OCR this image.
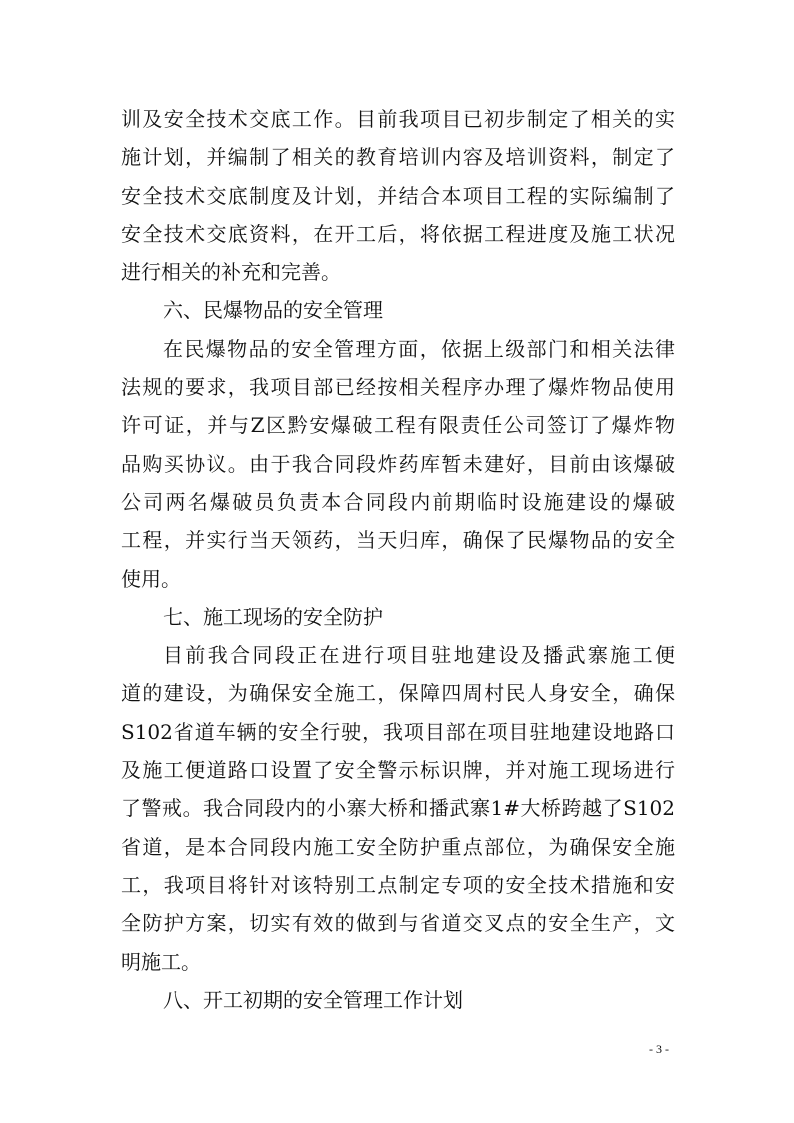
训及安全技术交底工作。目前我项目已初步制定了相关的实
施计划，并编制了相关的教育培训内容及培训资料，制定了
安全技术交底制度及计划，并结合本项目工程的实际编制了
安全技术交底资料，在开工后，将依据工程进度及施工状况
进行相关的补充和完善。
六、民爆物品的安全管理
在民爆物品的安全管理方面，依据上级部门和相关法律
法规的要求，我项目部已经按相关程序办理了爆炸物品使用
许可证，并与Z区黔安爆破工程有限责任公司签订了爆炸物
品购买协议。由于我合同段炸药库暂未建好，目前由该爆破
公司两名爆破员负责本合同段内前期临时设施建设的爆破
工程，并实行当天领药，当天归库，确保了民爆物品的安全
使用。
七、施工现场的安全防护
目前我合同段正在进行项目驻地建设及播武寨施工便
道的建设，为确保安全施工，保障四周村民人身安全，确保
S102省道车辆的安全行驶，我项目部在项目驻地建设地路口
及施工便道路口设置了安全警示标识牌，并对施工现场进行
了警戒。我合同段内的小寨大桥和播武寨1#大桥跨越了S102
省道，是本合同段内施工安全防护重点部位，为确保安全施
工，我项目将针对该特别工点制定专项的安全技术措施和安
全防护方案，切实有效的做到与省道交叉点的安全生产，文
明施工。
八、开工初期的安全管理工作计划
- 3 -
